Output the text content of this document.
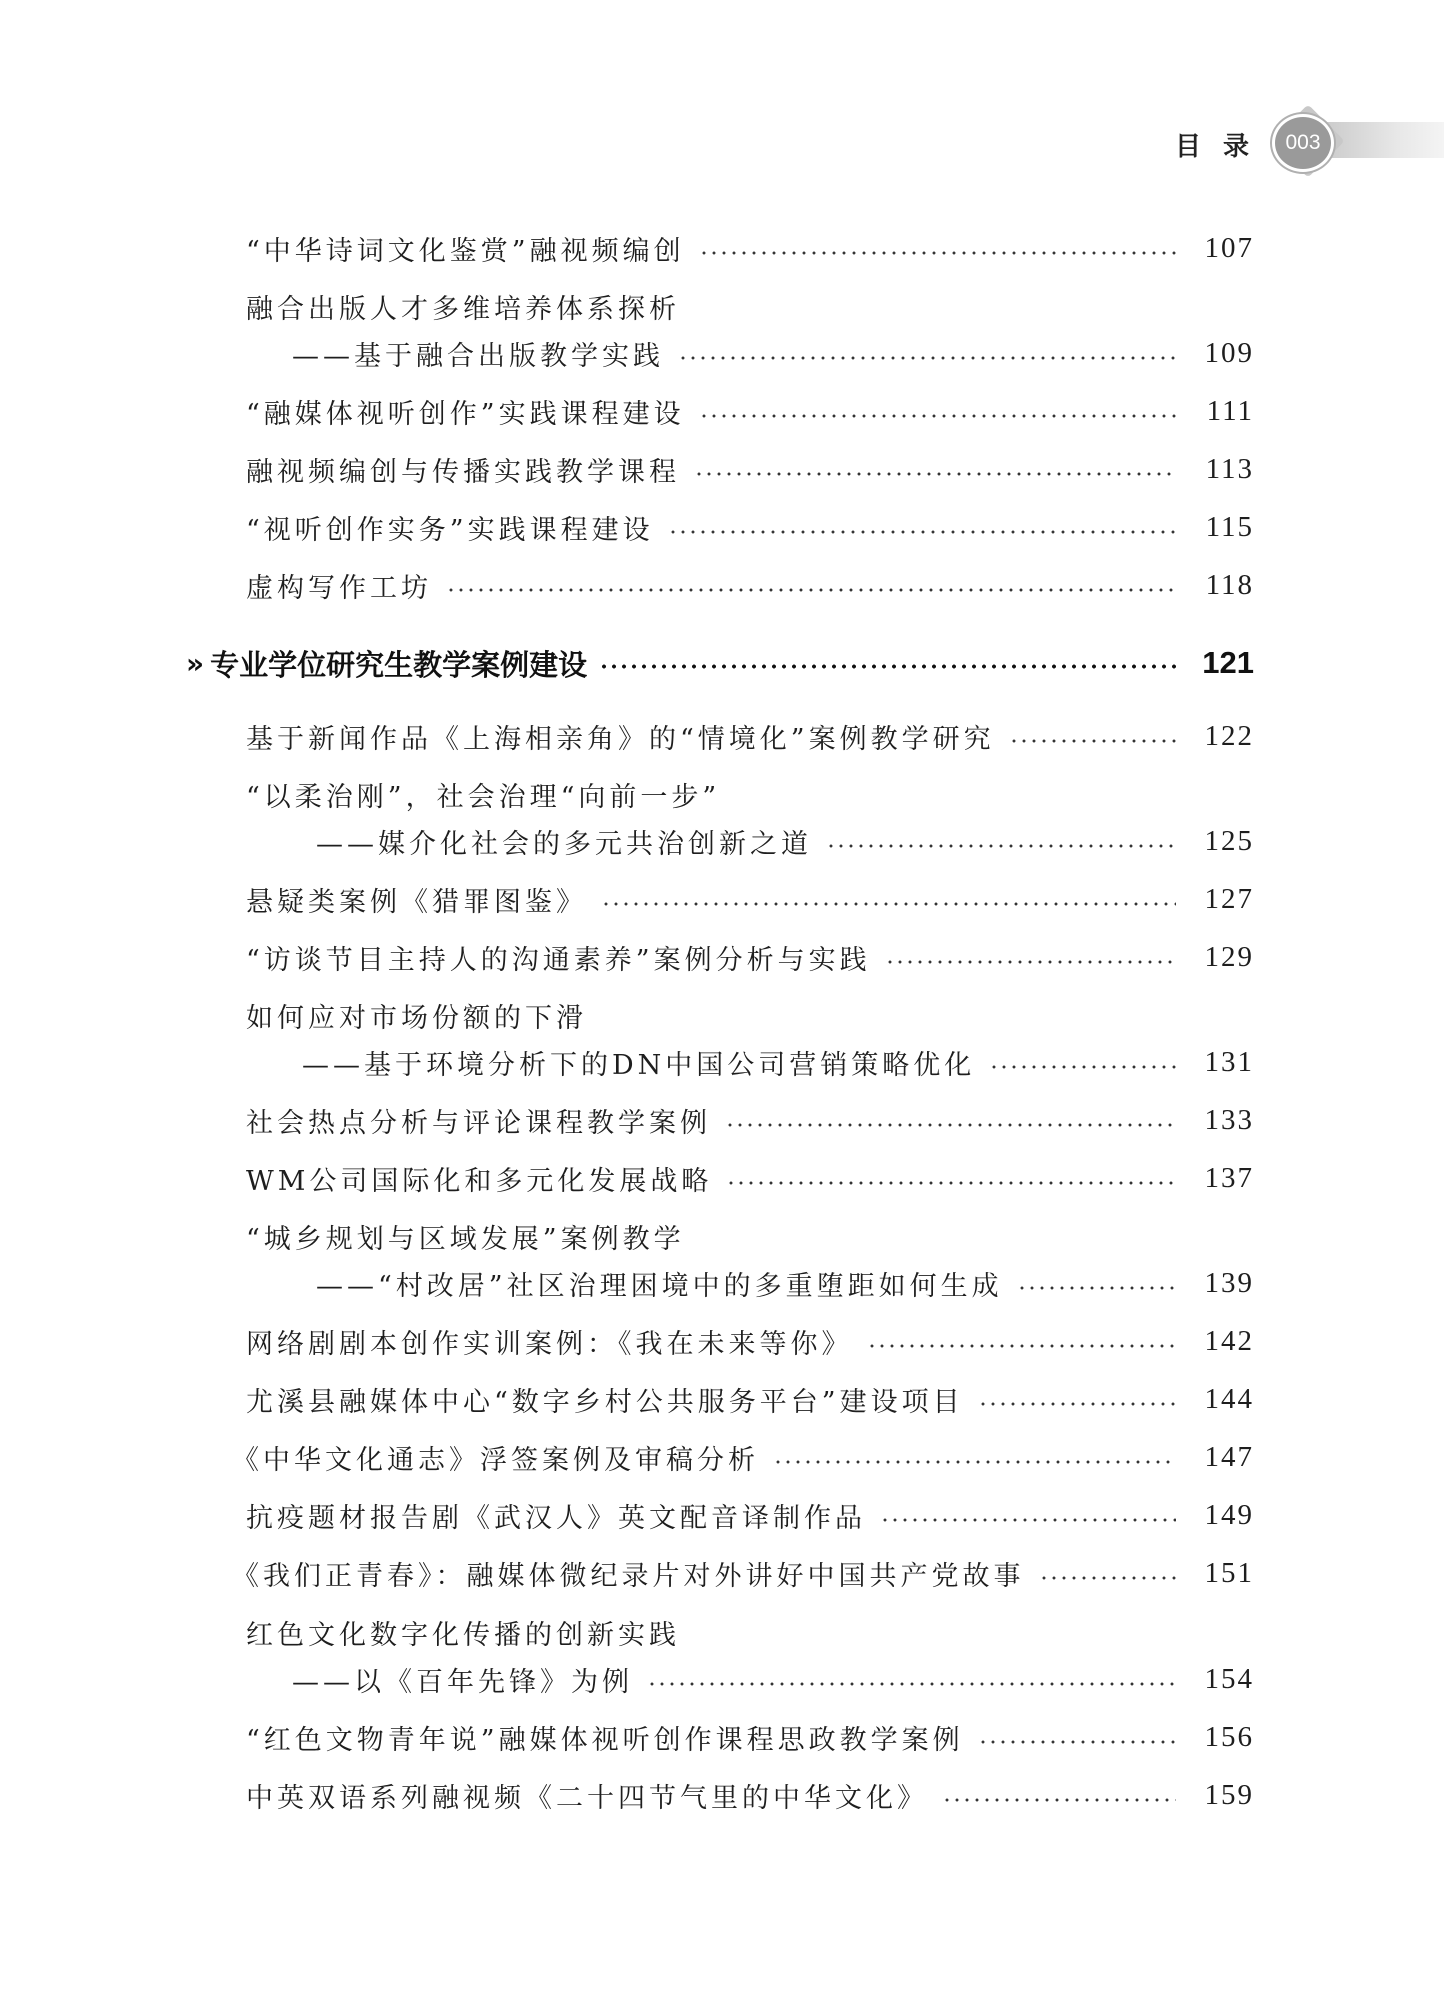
目录 003
“中华诗词文化鉴赏”融视频编创	107
融合出版人才多维培养体系探析
——基于融合出版教学实践	109
“融媒体视听创作”实践课程建设	111
融视频编创与传播实践教学课程	113
“视听创作实务”实践课程建设	115
虚构写作工坊	118
» 专业学位研究生教学案例建设	121
基于新闻作品《上海相亲角》的“情境化”案例教学研究	122
“以柔治刚”，社会治理“向前一步”
——媒介化社会的多元共治创新之道	125
悬疑类案例《猎罪图鉴》	127
“访谈节目主持人的沟通素养”案例分析与实践	129
如何应对市场份额的下滑
——基于环境分析下的DN中国公司营销策略优化	131
社会热点分析与评论课程教学案例	133
WM公司国际化和多元化发展战略	137
“城乡规划与区域发展”案例教学
——“村改居”社区治理困境中的多重堕距如何生成	139
网络剧剧本创作实训案例：《我在未来等你》	142
尤溪县融媒体中心“数字乡村公共服务平台”建设项目	144
《中华文化通志》浮签案例及审稿分析	147
抗疫题材报告剧《武汉人》英文配音译制作品	149
《我们正青春》：融媒体微纪录片对外讲好中国共产党故事	151
红色文化数字化传播的创新实践
——以《百年先锋》为例	154
“红色文物青年说”融媒体视听创作课程思政教学案例	156
中英双语系列融视频《二十四节气里的中华文化》	159
